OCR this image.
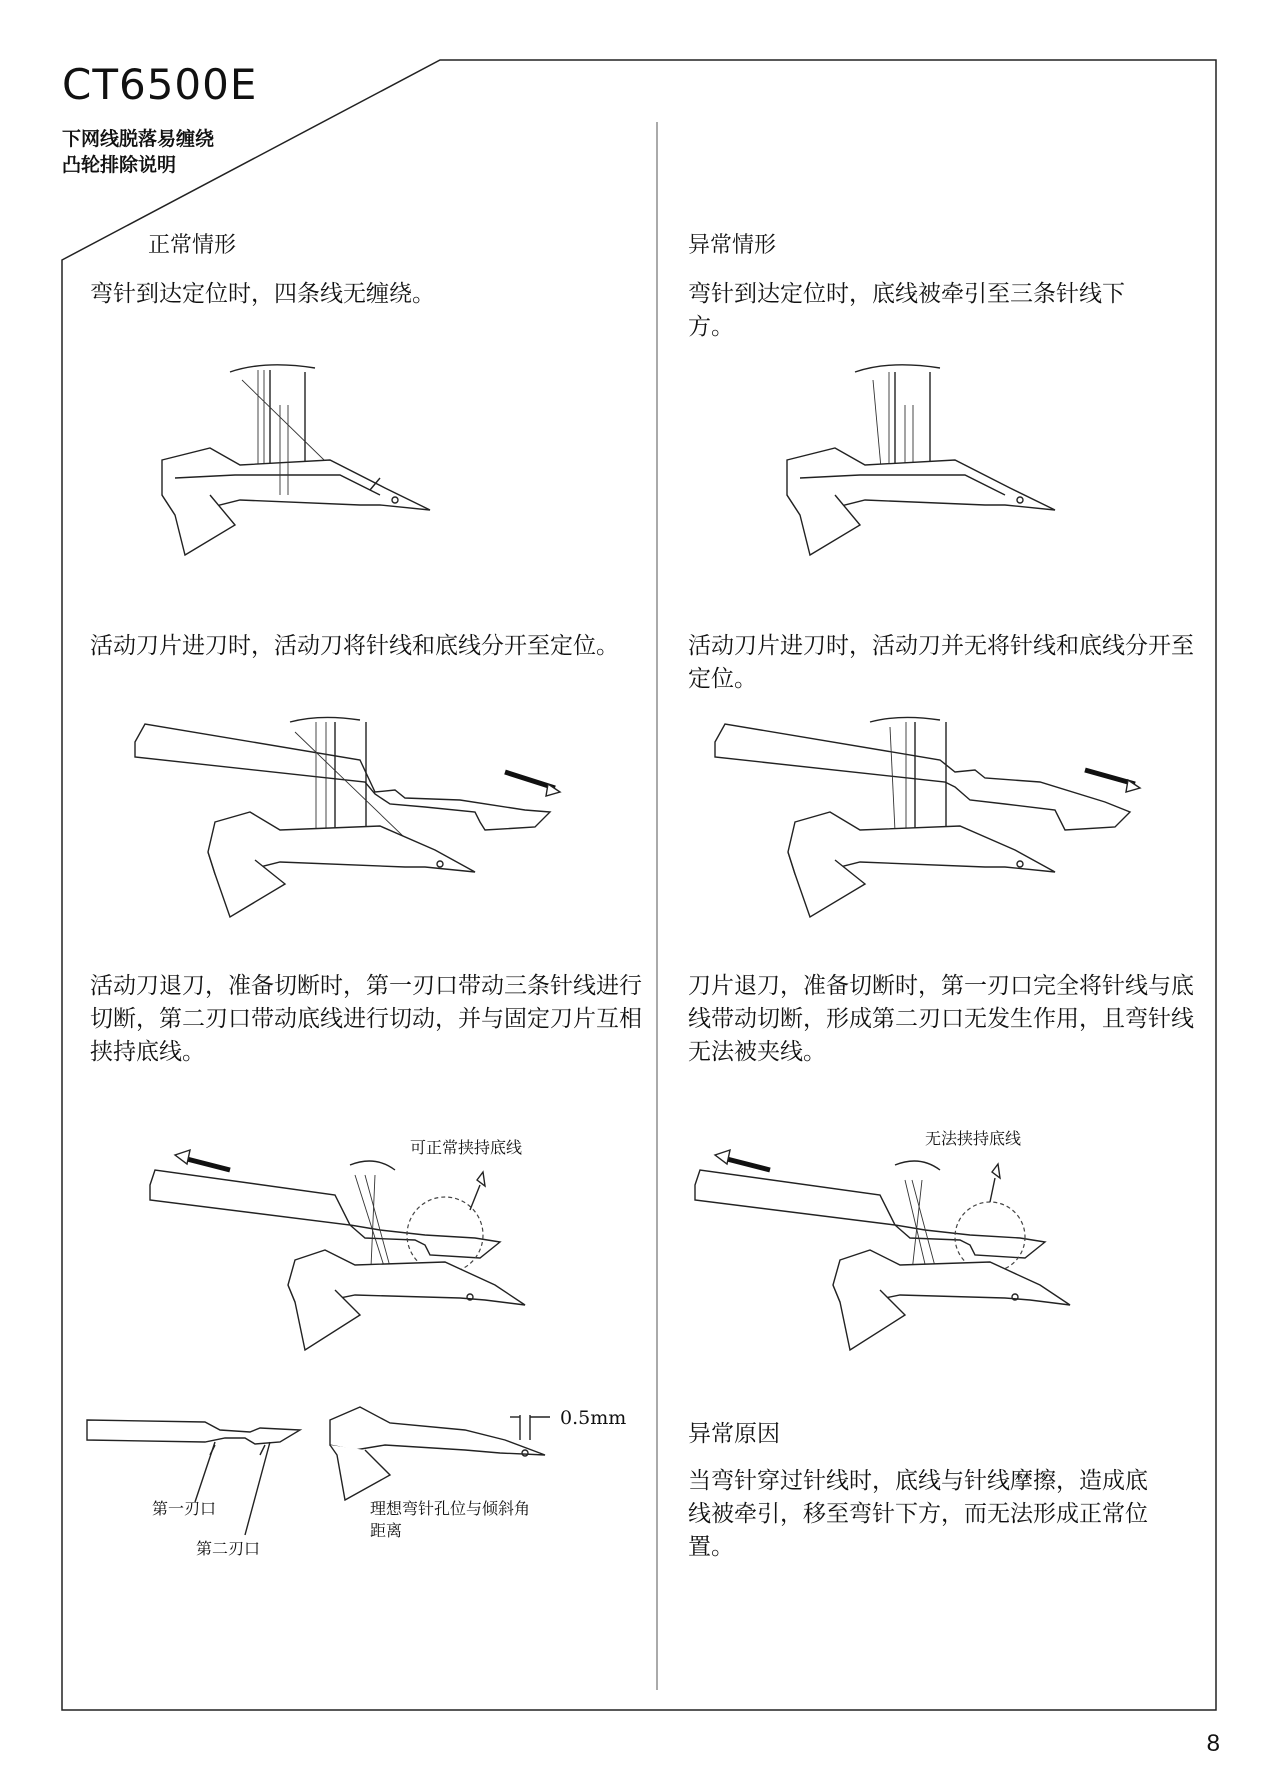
CT6500E
下网线脱落易缠绕
凸轮排除说明
正常情形
弯针到达定位时，四条线无缠绕。
活动刀片进刀时，活动刀将针线和底线分开至定位。
活动刀退刀，准备切断时，第一刃口带动三条针线进行切断，第二刃口带动底线进行切动，并与固定刀片互相挟持底线。
可正常挟持底线
第一刃口
第二刃口
0.5mm
理想弯针孔位与倾斜角距离
异常情形
弯针到达定位时，底线被牵引至三条针线下方。
活动刀片进刀时，活动刀并无将针线和底线分开至定位。
刀片退刀，准备切断时，第一刃口完全将针线与底线带动切断，形成第二刃口无发生作用，且弯针线无法被夹线。
无法挟持底线
异常原因
当弯针穿过针线时，底线与针线摩擦，造成底线被牵引，移至弯针下方，而无法形成正常位置。
8
